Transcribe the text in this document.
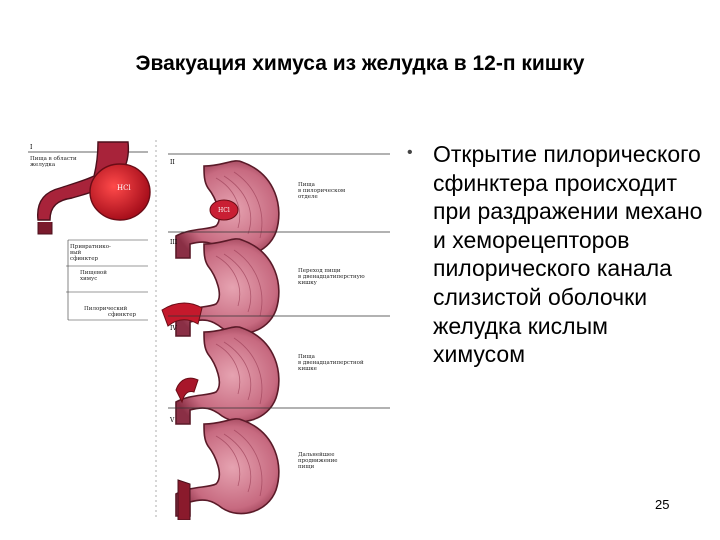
Эвакуация химуса из желудка в 12-п кишку
HCl
I
Пища в области желудка
Привратнико-вый сфинктер
Пищевой химус
Пилорический сфинктер
II
HCl
Пища в пилорическом отделе
III
HCl
Переход пищи в двенадцатиперстную кишку
IV
Пища в двенадцатиперстной кишке
V
Дальнейшее продвижение пищи
• Открытие пилорического сфинктера происходит при раздражении механо и хеморецепторов пилорического канала слизистой оболочки желудка кислым химусом
25
